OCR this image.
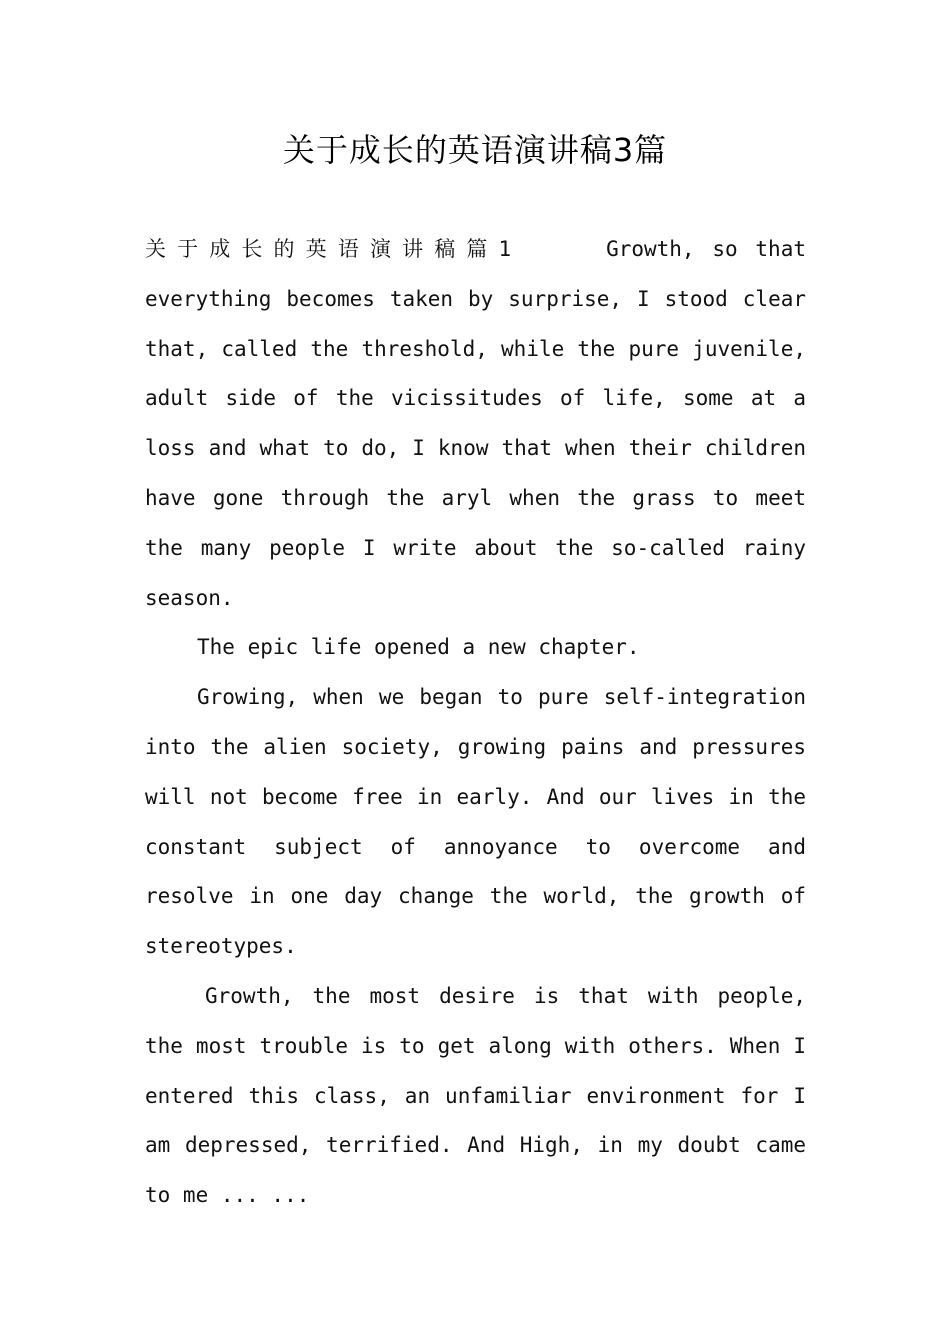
关于成长的英语演讲稿3篇

关于成长的英语演讲稿篇1	Growth, so that everything becomes taken by surprise, I stood clear that, called the threshold, while the pure juvenile, adult side of the vicissitudes of life, some at a loss and what to do, I know that when their children have gone through the aryl when the grass to meet the many people I write about the so-called rainy season.

The epic life opened a new chapter.

Growing, when we began to pure self-integration into the alien society, growing pains and pressures will not become free in early. And our lives in the constant subject of annoyance to overcome and resolve in one day change the world, the growth of stereotypes.

Growth, the most desire is that with people, the most trouble is to get along with others. When I entered this class, an unfamiliar environment for I am depressed, terrified. And High, in my doubt came to me ... ...
